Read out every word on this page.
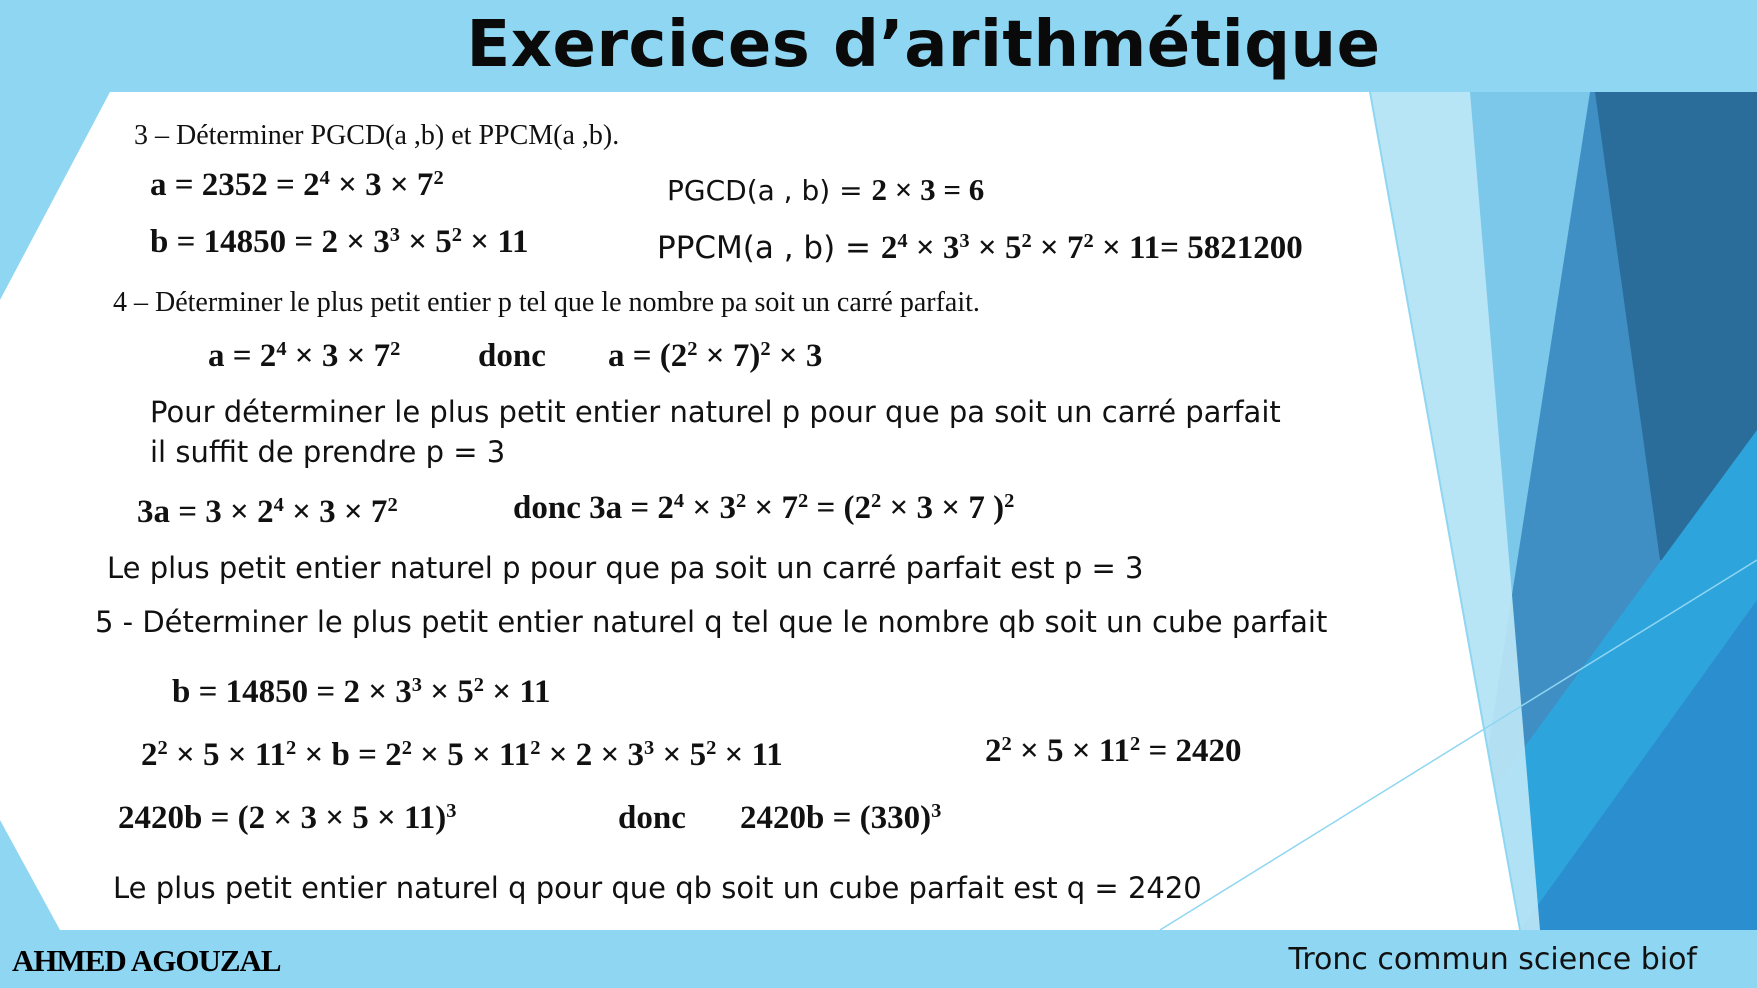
Exercices d’arithmétique
3 – Déterminer PGCD(a ,b) et PPCM(a ,b).
$a = 2352 = 2^4 \times 3 \times 7^2$	PGCD(a , b) = 2 × 3 = 6
$b = 14850 = 2 \times 3^3 \times 5^2 \times 11$	PPCM(a , $b) = 2^4 \times 3^3 \times 5^2 \times 7^2 \times 11= 5821200$
4 – Déterminer le plus petit entier p tel que le nombre pa soit un carré parfait.
$a = 2^4 \times 3 \times 7^2$ donc $a = (2^2 \times 7)^2 \times 3$
Pour déterminer le plus petit entier naturel p pour que pa soit un carré parfait
il suffit de prendre p = 3
$3a = 3 \times 2^4 \times 3 \times 7^2$	donc $3a = 2^4 \times 3^2 \times 7^2 = (2^2 \times 3 \times 7$ )$^2$
Le plus petit entier naturel p pour que pa soit un carré parfait est p = 3
5 - Déterminer le plus petit entier naturel q tel que le nombre qb soit un cube parfait
$b = 14850 = 2 \times 3^3 \times 5^2 \times 11$
$2^2 \times 5 \times 11^2 \times b = 2^2 \times 5 \times 11^2 \times 2 \times 3^3 \times 5^2 \times 11$	$2^2 \times 5 \times 11^2 = 2420$
$2420b = (2 \times 3 \times 5 \times 11)^3$	donc $2420b = (330)^3$
Le plus petit entier naturel q pour que qb soit un cube parfait est q = 2420
AHMED AGOUZAL	Tronc commun science biof
